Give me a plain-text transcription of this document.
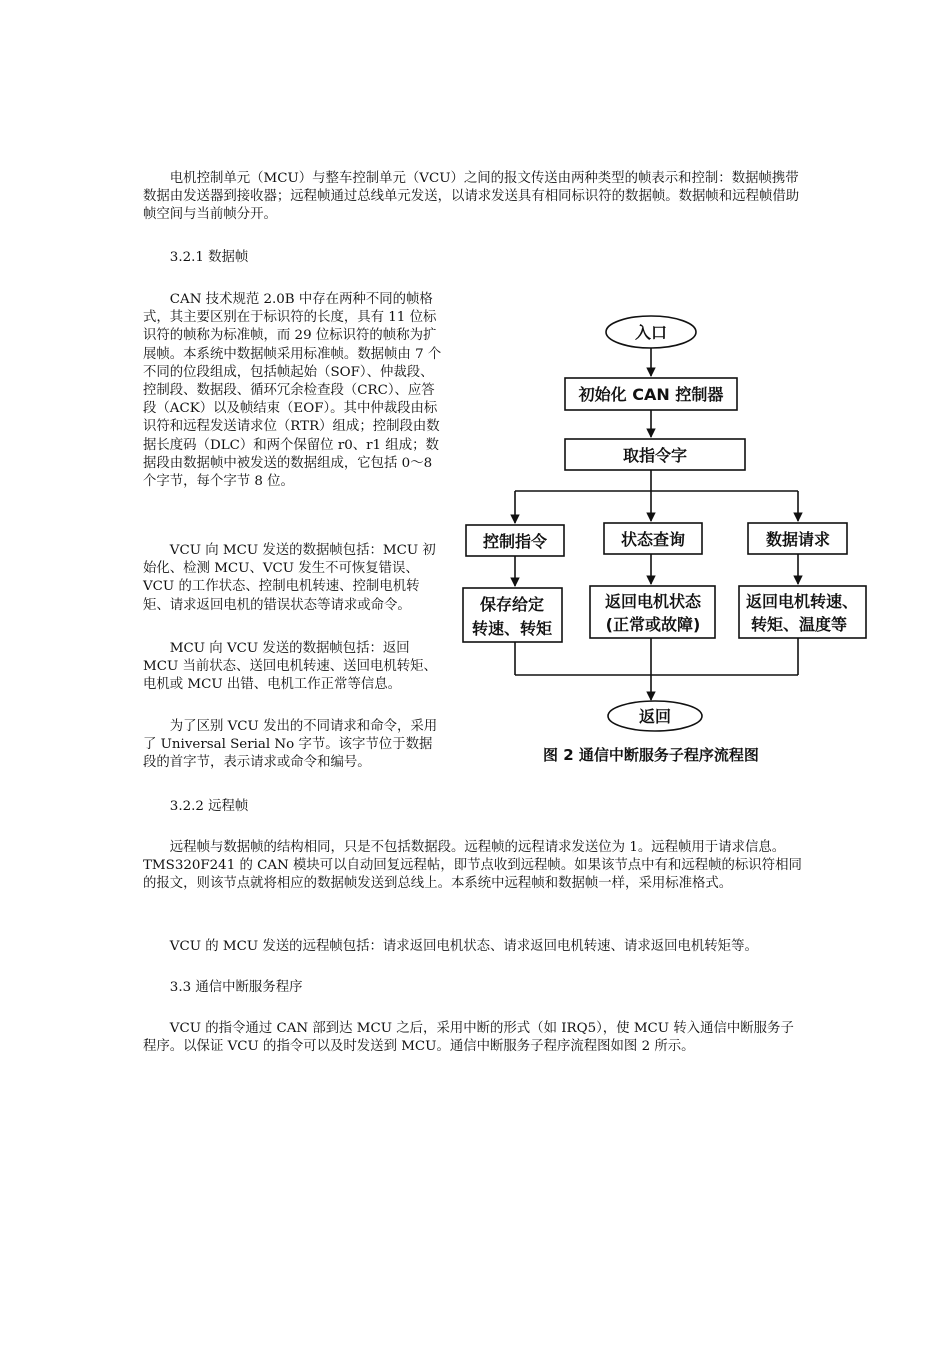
电机控制单元（MCU）与整车控制单元（VCU）之间的报文传送由两种类型的帧表示和控制：数据帧携带数据由发送器到接收器；远程帧通过总线单元发送，以请求发送具有相同标识符的数据帧。数据帧和远程帧借助帧空间与当前帧分开。

3.2.1 数据帧

CAN 技术规范 2.0B 中存在两种不同的帧格式，其主要区别在于标识符的长度，具有 11 位标识符的帧称为标准帧，而 29 位标识符的帧称为扩展帧。本系统中数据帧采用标准帧。数据帧由 7 个不同的位段组成，包括帧起始（SOF）、仲裁段、控制段、数据段、循环冗余检查段（CRC）、应答段（ACK）以及帧结束（EOF）。其中仲裁段由标识符和远程发送请求位（RTR）组成；控制段由数据长度码（DLC）和两个保留位 r0、r1 组成；数据段由数据帧中被发送的数据组成，它包括 0～8 个字节，每个字节 8 位。

VCU 向 MCU 发送的数据帧包括：MCU 初始化、检测 MCU、VCU 发生不可恢复错误、VCU 的工作状态、控制电机转速、控制电机转矩、请求返回电机的错误状态等请求或命令。

MCU 向 VCU 发送的数据帧包括：返回 MCU 当前状态、送回电机转速、送回电机转矩、电机或 MCU 出错、电机工作正常等信息。

为了区别 VCU 发出的不同请求和命令，采用了 Universal Serial No 字节。该字节位于数据段的首字节，表示请求或命令和编号。

3.2.2 远程帧

远程帧与数据帧的结构相同，只是不包括数据段。远程帧的远程请求发送位为 1。远程帧用于请求信息。TMS320F241 的 CAN 模块可以自动回复远程帖，即节点收到远程帧。如果该节点中有和远程帧的标识符相同的报文，则该节点就将相应的数据帧发送到总线上。本系统中远程帧和数据帧一样，采用标准格式。

VCU 的 MCU 发送的远程帧包括：请求返回电机状态、请求返回电机转速、请求返回电机转矩等。

3.3 通信中断服务程序

VCU 的指令通过 CAN 部到达 MCU 之后，采用中断的形式（如 IRQ5），使 MCU 转入通信中断服务子程序。以保证 VCU 的指令可以及时发送到 MCU。通信中断服务子程序流程图如图 2 所示。

入口
初始化 CAN 控制器
取指令字
控制指令	状态查询	数据请求
保存给定
转速、转矩
返回电机状态
(正常或故障)
返回电机转速、
转矩、温度等
返回
图 2 通信中断服务子程序流程图
